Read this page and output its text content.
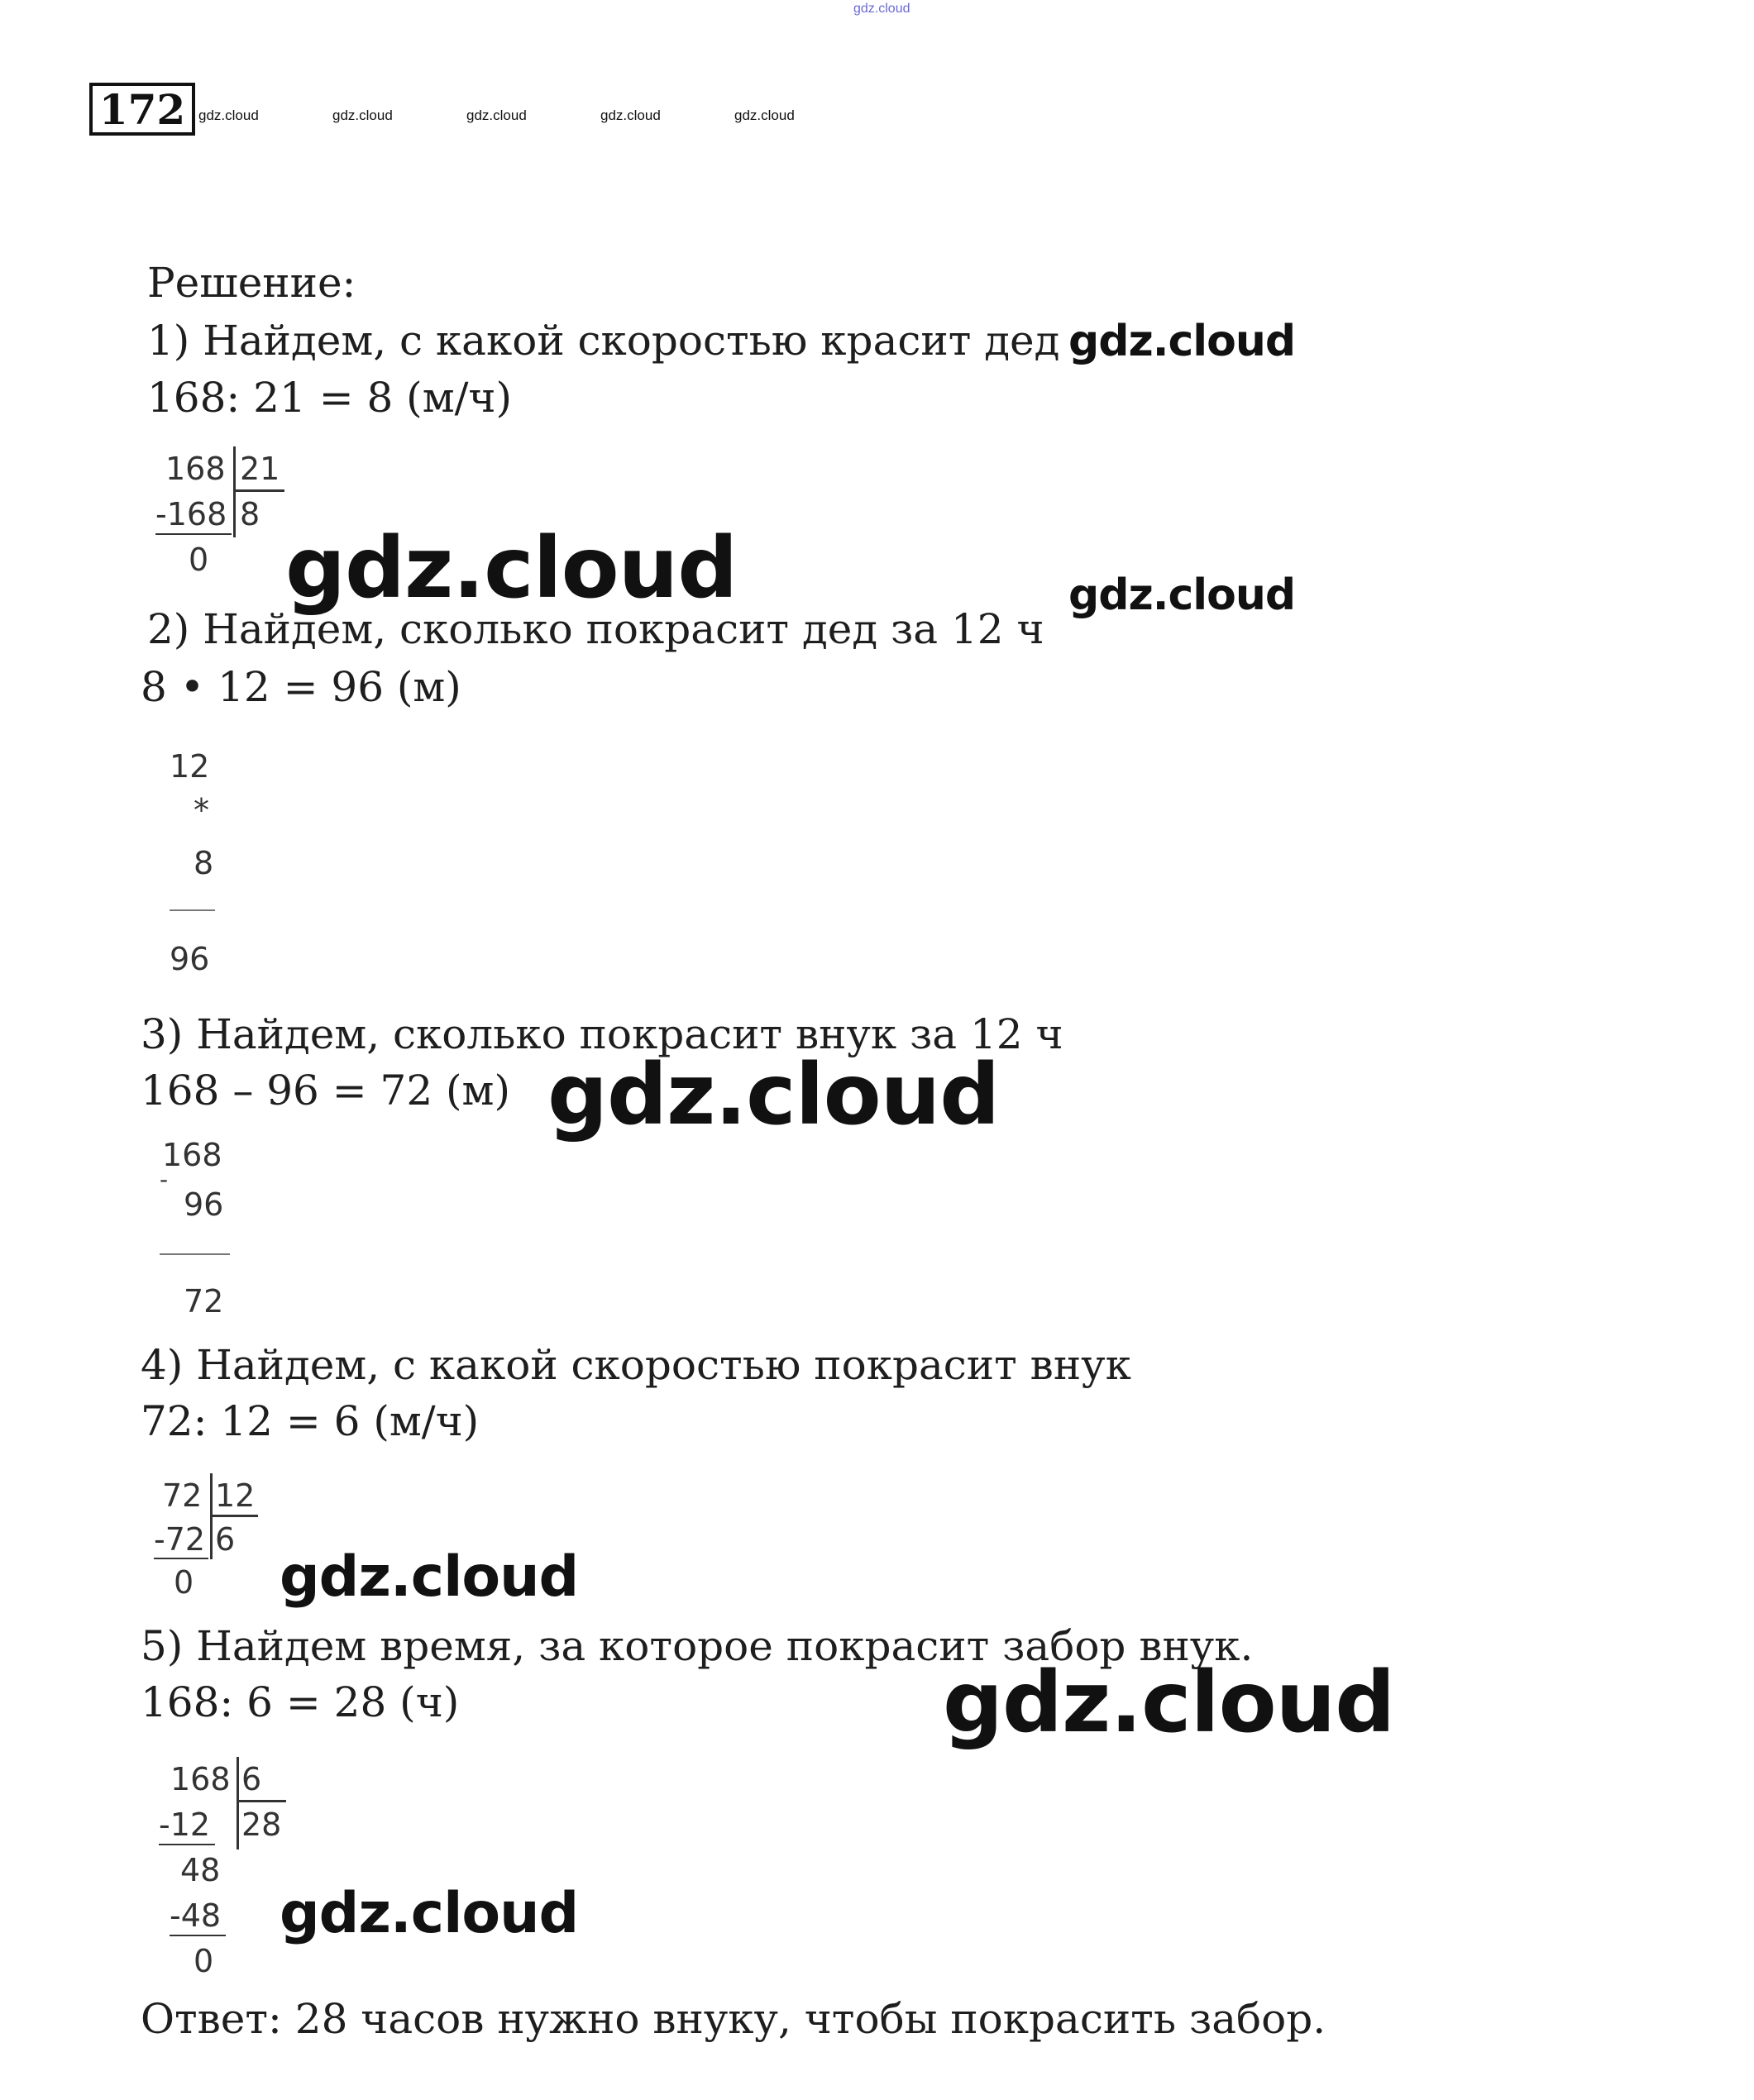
gdz.cloud
172 gdz.cloud	gdz.cloud	gdz.cloud	gdz.cloud	gdz.cloud
Решение:
1) Найдем, с какой скоростью красит дед
168: 21 = 8 (м/ч)
168 21
-168 8
0 gdz.cloud
gdz.cloud
gdz.cloud
2) Найдем, сколько покрасит дед за 12 ч
8 • 12 = 96 (м)
12
*
8
96
3) Найдем, сколько покрасит внук за 12 ч
168 – 96 = 72 (м) gdz.cloud
168
-
96
72
4) Найдем, с какой скоростью покрасит внук
72: 12 = 6 (м/ч)
72 12
-72 6
0 gdz.cloud
5) Найдем время, за которое покрасит забор внук.
168: 6 = 28 (ч)	gdz.cloud
168 6
-12 28
48
-48
0
gdz.cloud
Ответ: 28 часов нужно внуку, чтобы покрасить забор.
